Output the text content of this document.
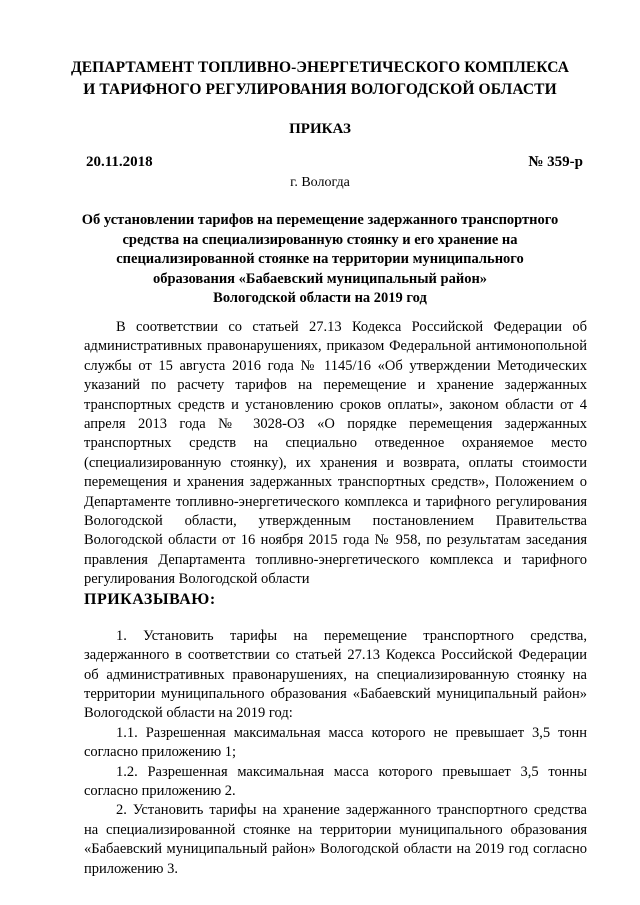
ДЕПАРТАМЕНТ ТОПЛИВНО-ЭНЕРГЕТИЧЕСКОГО КОМПЛЕКСА
И ТАРИФНОГО РЕГУЛИРОВАНИЯ ВОЛОГОДСКОЙ ОБЛАСТИ
ПРИКАЗ
20.11.2018	№ 359-р
г. Вологда
Об установлении тарифов на перемещение задержанного транспортного
средства на специализированную стоянку и его хранение на
специализированной стоянке на территории муниципального
образования «Бабаевский муниципальный район»
Вологодской области на 2019 год

В соответствии со статьей 27.13 Кодекса Российской Федерации об административных правонарушениях, приказом Федеральной антимонопольной службы от 15 августа 2016 года № 1145/16 «Об утверждении Методических указаний по расчету тарифов на перемещение и хранение задержанных транспортных средств и установлению сроков оплаты», законом области от 4 апреля 2013 года № 3028-ОЗ «О порядке перемещения задержанных транспортных средств на специально отведенное охраняемое место (специализированную стоянку), их хранения и возврата, оплаты стоимости перемещения и хранения задержанных транспортных средств», Положением о Департаменте топливно-энергетического комплекса и тарифного регулирования Вологодской области, утвержденным постановлением Правительства Вологодской области от 16 ноября 2015 года № 958, по результатам заседания правления Департамента топливно-энергетического комплекса и тарифного регулирования Вологодской области

ПРИКАЗЫВАЮ:

1. Установить тарифы на перемещение транспортного средства, задержанного в соответствии со статьей 27.13 Кодекса Российской Федерации об административных правонарушениях, на специализированную стоянку на территории муниципального образования «Бабаевский муниципальный район» Вологодской области на 2019 год:

1.1. Разрешенная максимальная масса которого не превышает 3,5 тонн согласно приложению 1;

1.2. Разрешенная максимальная масса которого превышает 3,5 тонны согласно приложению 2.

2. Установить тарифы на хранение задержанного транспортного средства на специализированной стоянке на территории муниципального образования «Бабаевский муниципальный район» Вологодской области на 2019 год согласно приложению 3.
